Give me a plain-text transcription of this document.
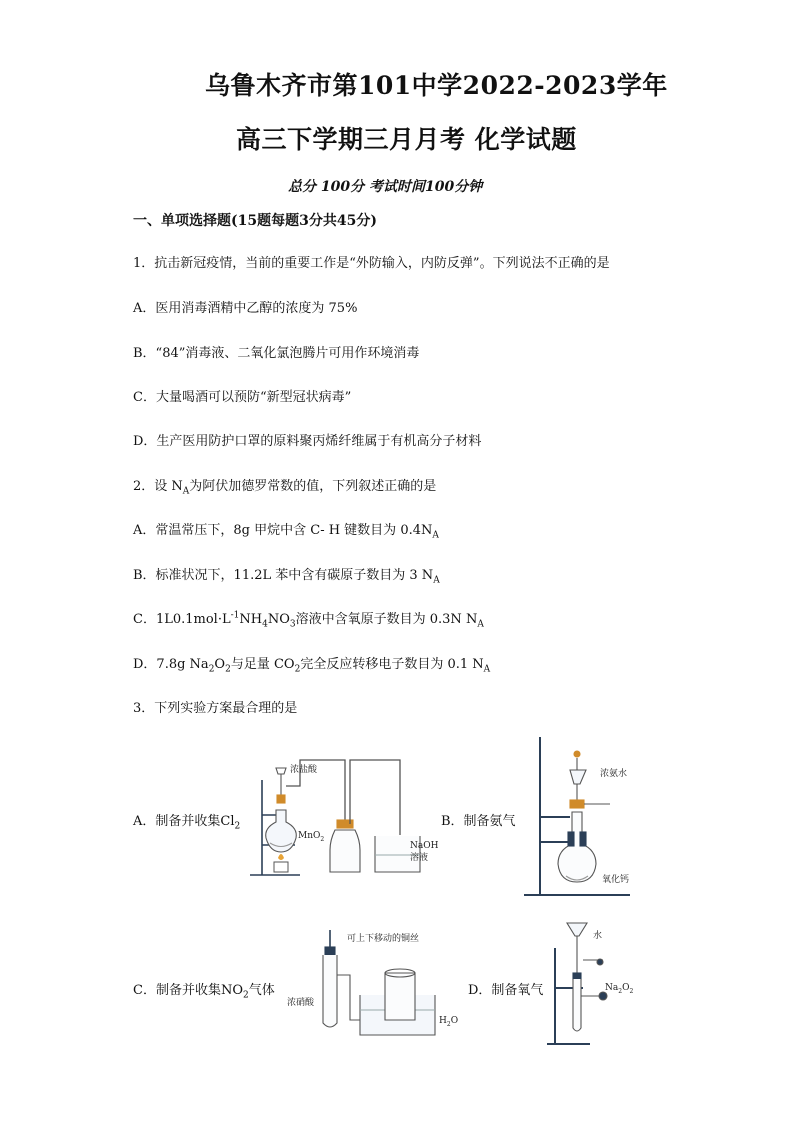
乌鲁木齐市第101中学2022-2023学年
高三下学期三月月考 化学试题
总分 100分 考试时间100分钟
一、单项选择题(15题每题3分共45分)
1．抗击新冠疫情，当前的重要工作是“外防输入，内防反弹”。下列说法不正确的是
A．医用消毒酒精中乙醇的浓度为 75%
B．“84”消毒液、二氧化氯泡腾片可用作环境消毒
C．大量喝酒可以预防“新型冠状病毒”
D．生产医用防护口罩的原料聚丙烯纤维属于有机高分子材料
2．设 $N_A$为阿伏加德罗常数的值，下列叙述正确的是
A．常温常压下，8g 甲烷中含 C- H 键数目为 $0.4N_A$
B．标准状况下，11.2L 苯中含有碳原子数目为 3 $N_A$
C．$1L0.1mol\cdot L^{-1}NH_4NO_3$溶液中含氧原子数目为 0.3N $N_A$
D．7.8g $Na_2O_2$与足量 $CO_2$完全反应转移电子数目为 0.1 $N_A$
3．下列实验方案最合理的是
A．制备并收集$Cl_2$	B．制备氨气
C．制备并收集$NO_2$气体	D．制备氧气
浓盐酸
MnO$_2$
NaOH
溶液
浓氨水
氧化钙
可上下移动的铜丝
浓硝酸
$H_2O$
水
$Na_2O_2$
